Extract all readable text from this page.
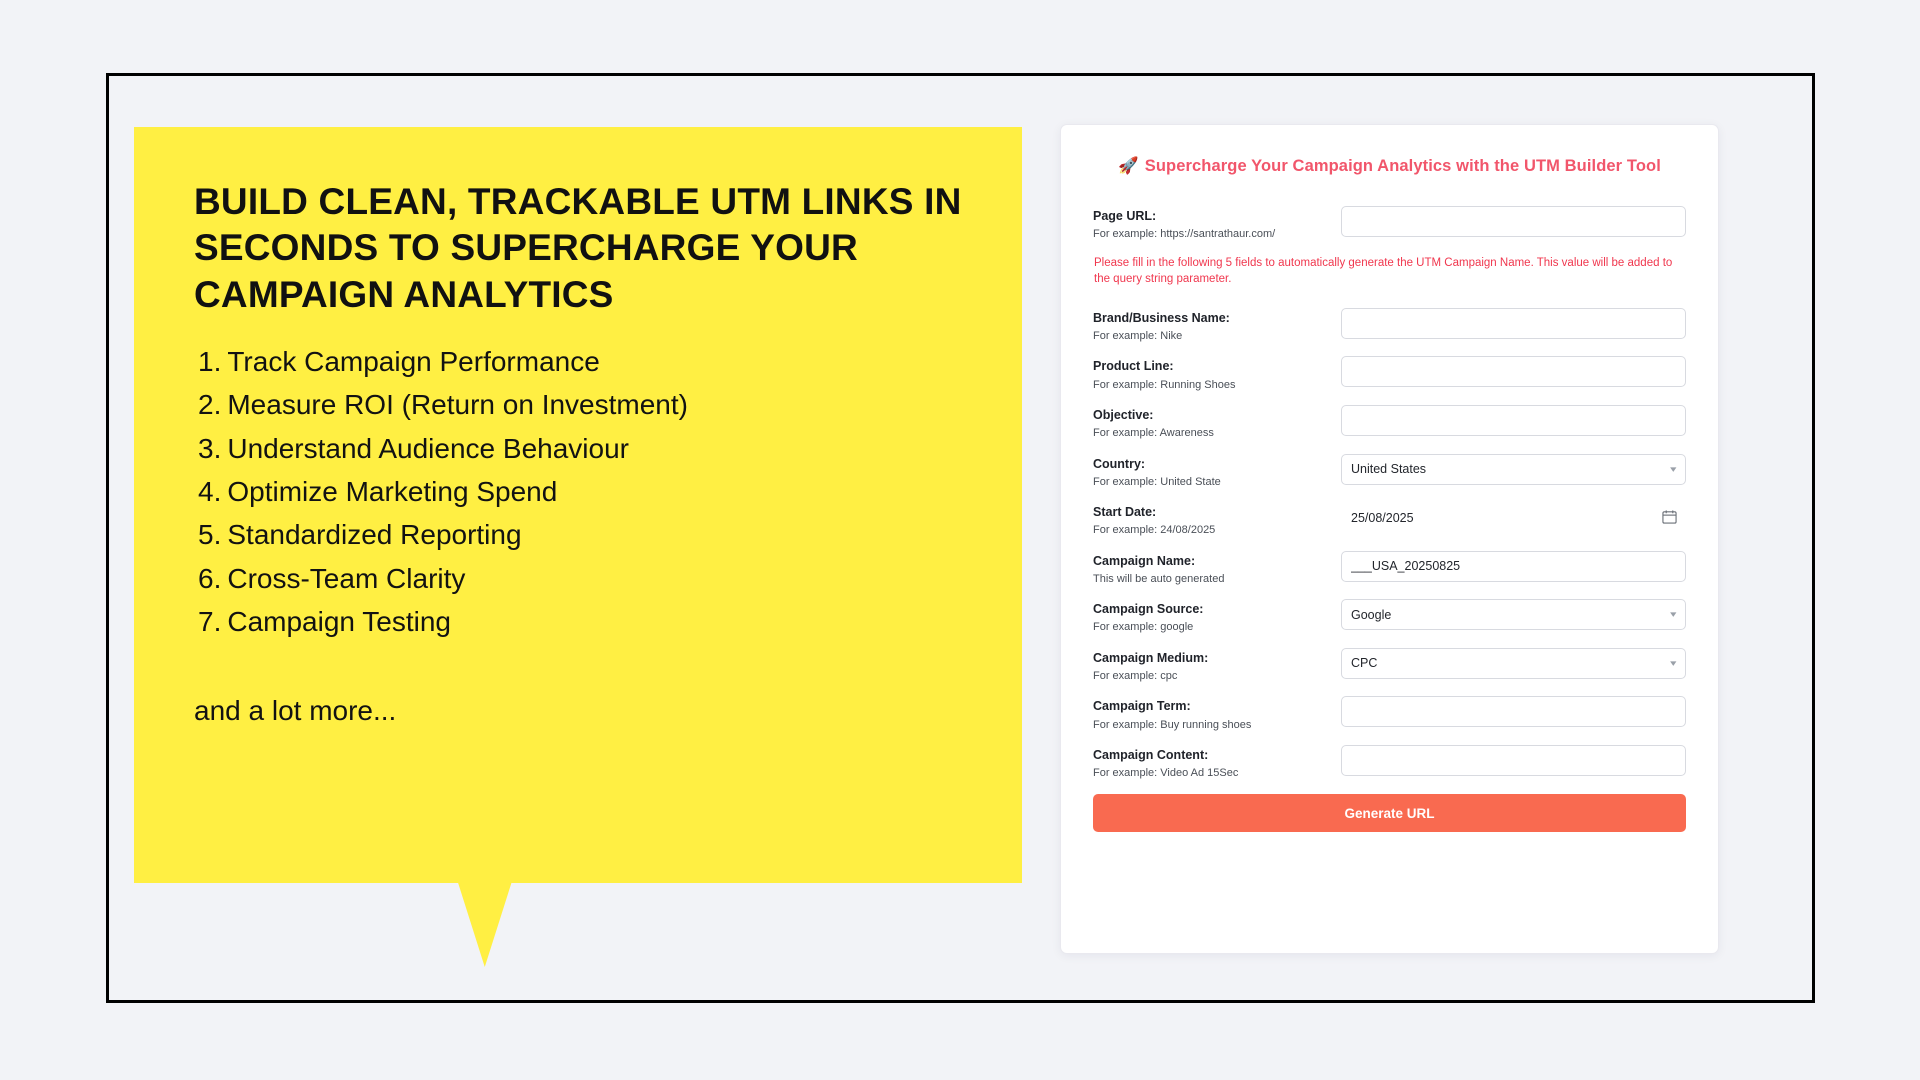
BUILD CLEAN, TRACKABLE UTM LINKS IN SECONDS TO SUPERCHARGE YOUR CAMPAIGN ANALYTICS
1. Track Campaign Performance
2. Measure ROI (Return on Investment)
3. Understand Audience Behaviour
4. Optimize Marketing Spend
5. Standardized Reporting
6. Cross-Team Clarity
7. Campaign Testing
and a lot more...
🚀 Supercharge Your Campaign Analytics with the UTM Builder Tool
Page URL:
For example: https://santrathaur.com/
Please fill in the following 5 fields to automatically generate the UTM Campaign Name. This value will be added to the query string parameter.
Brand/Business Name:
For example: Nike
Product Line:
For example: Running Shoes
Objective:
For example: Awareness
Country:
For example: United State
United States	▾
Start Date:
For example: 24/08/2025
25/08/2025
Campaign Name:
This will be auto generated
___USA_20250825
Campaign Source:
For example: google
Google	▾
Campaign Medium:
For example: cpc
CPC	▾
Campaign Term:
For example: Buy running shoes
Campaign Content:
For example: Video Ad 15Sec
Generate URL
